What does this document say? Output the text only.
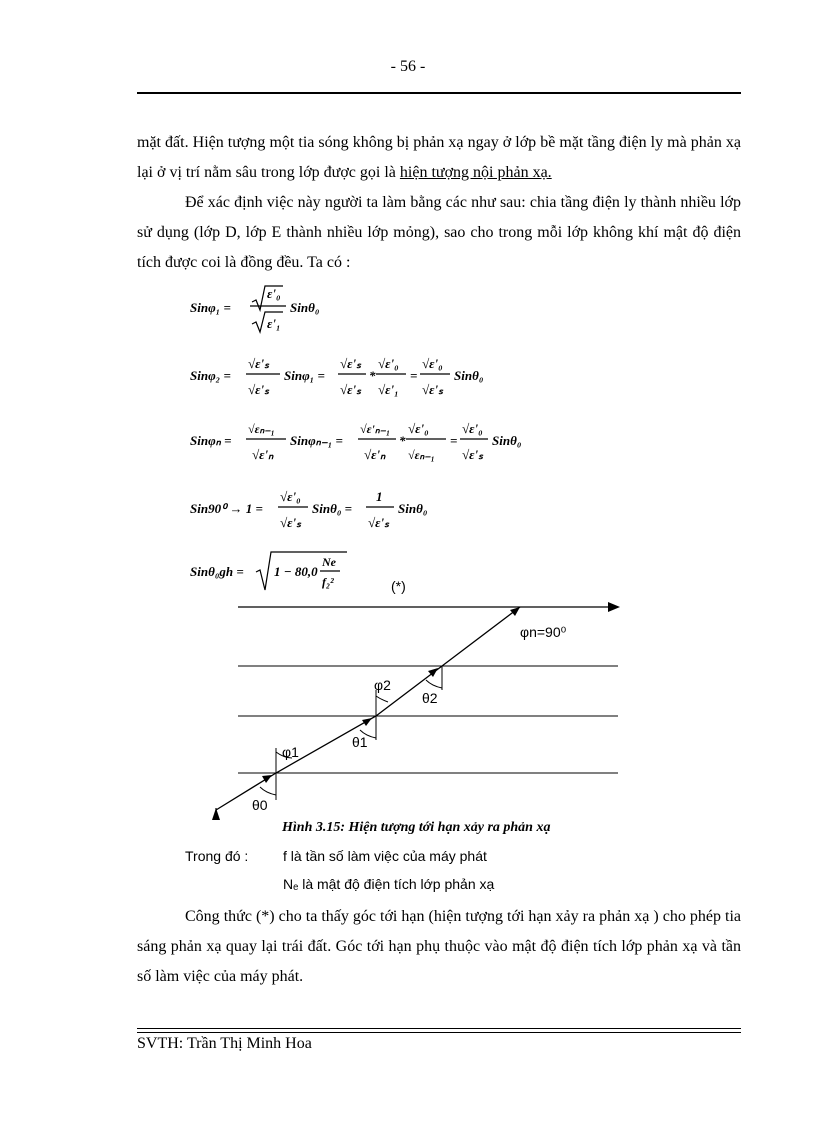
- 56 -
mặt đất. Hiện tượng một tia sóng không bị phản xạ ngay ở lớp bề mặt tầng điện ly mà phản xạ lại ở vị trí nằm sâu trong lớp được gọi là hiện tượng nội phản xạ.
Để xác định việc này người ta làm bằng các như sau: chia tầng điện ly thành nhiều lớp sử dụng (lớp D, lớp E thành nhiều lớp mỏng), sao cho trong mỗi lớp không khí mật độ điện tích được coi là đồng đều. Ta có :
Sinφ₁ =
ε'₀
ε'₁
Sinθ₀
Sinφ₂ =
√ε'ₛ
√ε'ₛ
Sinφ₁ =
√ε'ₛ
√ε'ₛ
*
√ε'₀
√ε'₁
=
√ε'₀
√ε'ₛ
Sinθ₀
Sinφₙ =
√εₙ₋₁
√ε'ₙ
Sinφₙ₋₁ =
√ε'ₙ₋₁
√ε'ₙ
*
√ε'₀
√εₙ₋₁
=
√ε'₀
√ε'ₛ
Sinθ₀
Sin90⁰ → 1 =
√ε'₀
√ε'ₛ
Sinθ₀ =
1
√ε'ₛ
Sinθ₀
Sinθ₀gh = 1 − 80,0
Ne
f₂²	(*)
φn=90⁰
φ2
θ2
θ1
φ1
θ0
Hình 3.15: Hiện tượng tới hạn xảy ra phản xạ
Trong đó : f là tần số làm việc của máy phát
Nₑ là mật độ điện tích lớp phản xạ
Công thức (*) cho ta thấy góc tới hạn (hiện tượng tới hạn xảy ra phản xạ ) cho phép tia sáng phản xạ quay lại trái đất. Góc tới hạn phụ thuộc vào mật độ điện tích lớp phản xạ và tần số làm việc của máy phát.
SVTH: Trần Thị Minh Hoa
